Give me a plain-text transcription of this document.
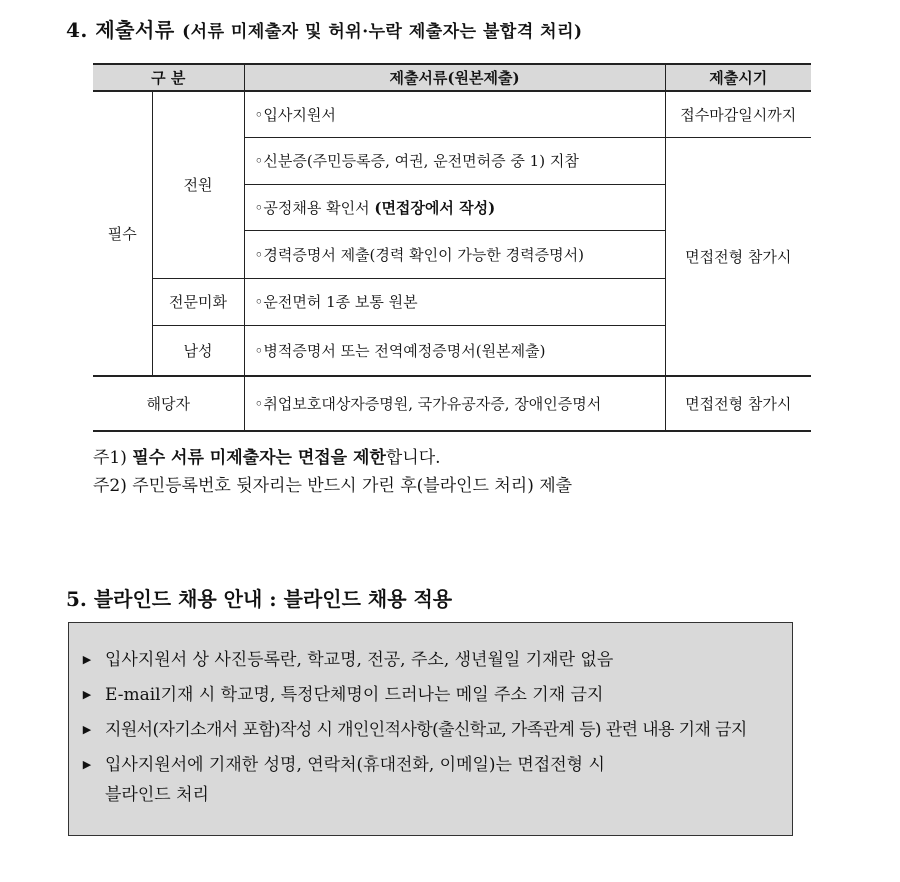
4. 제출서류 (서류 미제출자 및 허위·누락 제출자는 불합격 처리)
구 분		제출서류(원본제출)	제출시기
필수	전원	◦입사지원서	접수마감일시까지
		◦신분증(주민등록증, 여권, 운전면허증 중 1) 지참	면접전형 참가시
		◦공정채용 확인서 (면접장에서 작성)	
		◦경력증명서 제출(경력 확인이 가능한 경력증명서)	
	전문미화	◦운전면허 1종 보통 원본	
	남성	◦병적증명서 또는 전역예정증명서(원본제출)	
해당자		◦취업보호대상자증명원, 국가유공자증, 장애인증명서	면접전형 참가시
주1) 필수 서류 미제출자는 면접을 제한합니다.
주2) 주민등록번호 뒷자리는 반드시 가린 후(블라인드 처리) 제출
5. 블라인드 채용 안내 : 블라인드 채용 적용
▶ 입사지원서 상 사진등록란, 학교명, 전공, 주소, 생년월일 기재란 없음
▶ E-mail기재 시 학교명, 특정단체명이 드러나는 메일 주소 기재 금지
▶ 지원서(자기소개서 포함)작성 시 개인인적사항(출신학교, 가족관계 등) 관련 내용 기재 금지
▶ 입사지원서에 기재한 성명, 연락처(휴대전화, 이메일)는 면접전형 시
블라인드 처리
